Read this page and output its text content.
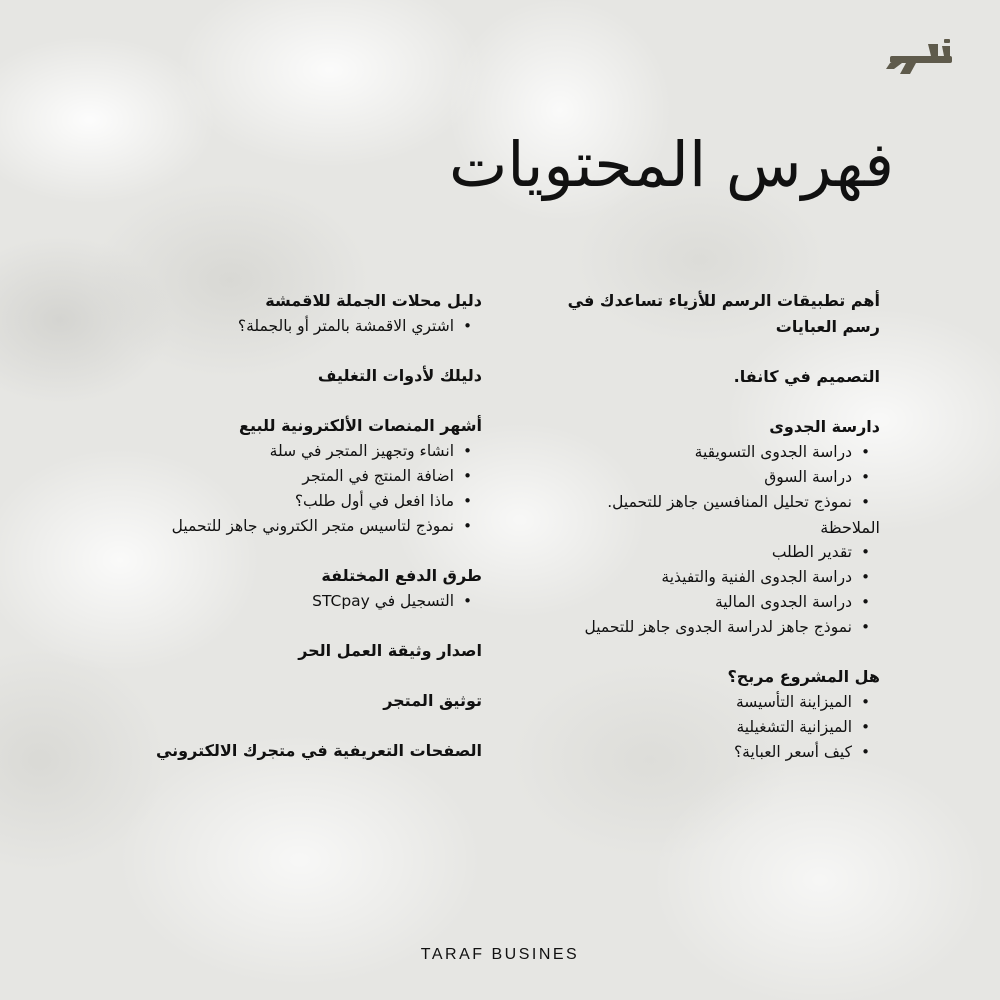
فهرس المحتويات
أهم تطبيقات الرسم للأزياء تساعدك في رسم العبايات
التصميم في كانفا.
دارسة الجدوى
• دراسة الجدوى التسويقية
• دراسة السوق
• نموذج تحليل المنافسين جاهز للتحميل.
الملاحظة
• تقدير الطلب
• دراسة الجدوى الفنية والتفيذية
• دراسة الجدوى المالية
• نموذج جاهز لدراسة الجدوى جاهز للتحميل
هل المشروع مربح؟
• الميزاينة التأسيسة
• الميزانية التشغيلية
• كيف أسعر العباية؟
دليل محلات الجملة للاقمشة
• اشتري الاقمشة بالمتر أو بالجملة؟
دليلك لأدوات التغليف
أشهر المنصات الألكترونية للبيع
• انشاء وتجهيز المتجر في سلة
• اضافة المنتج في المتجر
• ماذا افعل في أول طلب؟
• نموذج لتاسيس متجر الكتروني جاهز للتحميل
طرق الدفع المختلفة
• التسجيل في STCpay
اصدار وثيقة العمل الحر
توثيق المتجر
الصفحات التعريفية في متجرك الالكتروني
TARAF BUSINES
